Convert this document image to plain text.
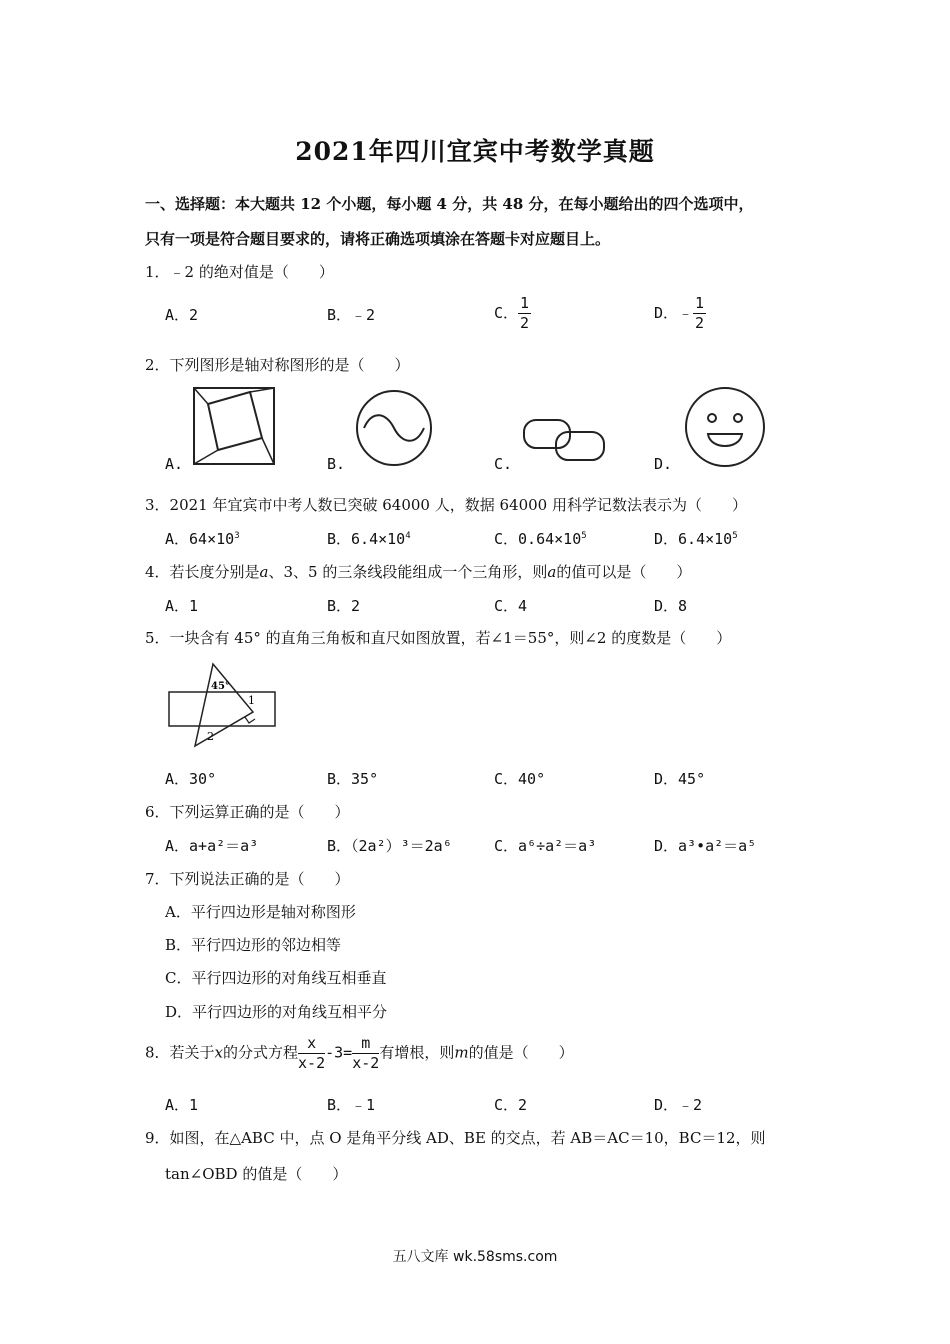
2021年四川宜宾中考数学真题
一、选择题：本大题共 12 个小题，每小题 4 分，共 48 分，在每小题给出的四个选项中，
只有一项是符合题目要求的，请将正确选项填涂在答题卡对应题目上。
1．﹣2 的绝对值是（　　）
A．2	B．﹣2	C． $\frac{1}{2}$	D．﹣ $\frac{1}{2}$
2．下列图形是轴对称图形的是（　　）
A.	B.	C.	D.
3．2021 年宜宾市中考人数已突破 64000 人，数据 64000 用科学记数法表示为（　　）
A．$64\times 10^3$	B．$6.4\times 10^4$	C．$0.64\times 10^5$	D．$6.4\times 10^5$
4．若长度分别是a、3、5 的三条线段能组成一个三角形，则a的值可以是（　　）
A．1	B．2	C．4	D．8
5．一块含有 45° 的直角三角板和直尺如图放置，若∠1＝55°，则∠2 的度数是（　　）
45°
1
2
A．30°	B．35°	C．40°	D．45°
6．下列运算正确的是（　　）
A．a+a²＝a³	B．（2a²）³＝2a⁶	C．a⁶÷a²＝a³	D．a³•a²＝a⁵
7．下列说法正确的是（　　）
A．平行四边形是轴对称图形
B．平行四边形的邻边相等
C．平行四边形的对角线互相垂直
D．平行四边形的对角线互相平分
8．若关于x的分式方程 $\frac{x}{x-2} -3= \frac{m}{x-2}$ 有增根，则m的值是（　　）
A．1	B．﹣1	C．2	D．﹣2
9．如图，在△ABC 中，点 O 是角平分线 AD、BE 的交点，若 AB＝AC＝10，BC＝12，则
tan∠OBD 的值是（　　）
五八文库 wk.58sms.com
